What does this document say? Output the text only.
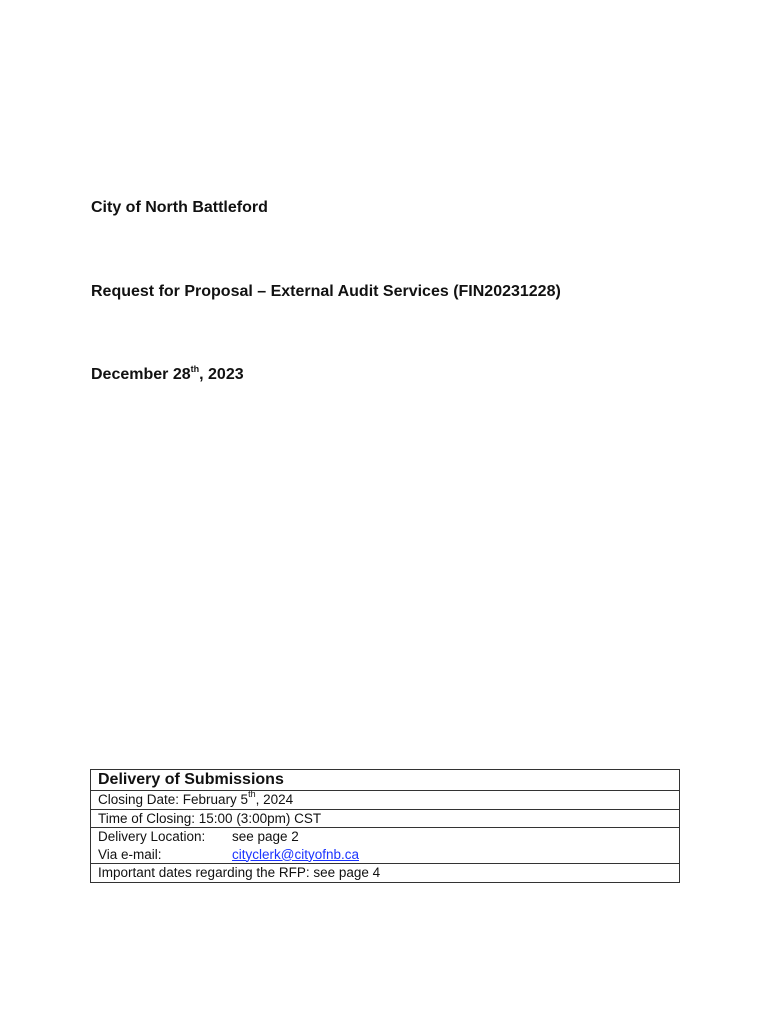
City of North Battleford

Request for Proposal – External Audit Services (FIN20231228)

December 28th, 2023

Delivery of Submissions
Closing Date: February 5th, 2024
Time of Closing: 15:00 (3:00pm) CST
Delivery Location: see page 2
Via e-mail:	cityclerk@cityofnb.ca
Important dates regarding the RFP: see page 4
